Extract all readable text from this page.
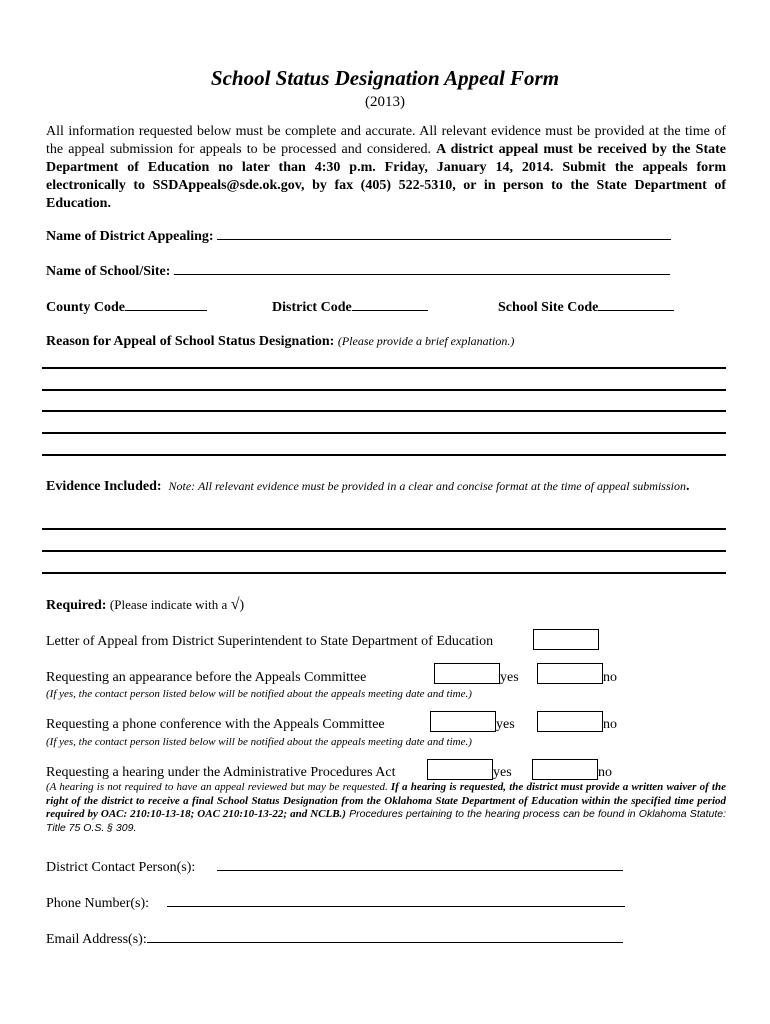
School Status Designation Appeal Form
(2013)
All information requested below must be complete and accurate. All relevant evidence must be provided at the time of the appeal submission for appeals to be processed and considered. A district appeal must be received by the State Department of Education no later than 4:30 p.m. Friday, January 14, 2014. Submit the appeals form electronically to SSDAppeals@sde.ok.gov, by fax (405) 522-5310, or in person to the State Department of Education.
Name of District Appealing:
Name of School/Site:
County Code	District Code	School Site Code
Reason for Appeal of School Status Designation: (Please provide a brief explanation.)
Evidence Included: Note: All relevant evidence must be provided in a clear and concise format at the time of appeal submission.
Required: (Please indicate with a √)
Letter of Appeal from District Superintendent to State Department of Education
Requesting an appearance before the Appeals Committee	yes	no
(If yes, the contact person listed below will be notified about the appeals meeting date and time.)
Requesting a phone conference with the Appeals Committee	yes	no
(If yes, the contact person listed below will be notified about the appeals meeting date and time.)
Requesting a hearing under the Administrative Procedures Act	yes	no
(A hearing is not required to have an appeal reviewed but may be requested. If a hearing is requested, the district must provide a written waiver of the right of the district to receive a final School Status Designation from the Oklahoma State Department of Education within the specified time period required by OAC: 210:10-13-18; OAC 210:10-13-22; and NCLB.) Procedures pertaining to the hearing process can be found in Oklahoma Statute: Title 75 O.S. § 309.
District Contact Person(s):
Phone Number(s):
Email Address(s):
